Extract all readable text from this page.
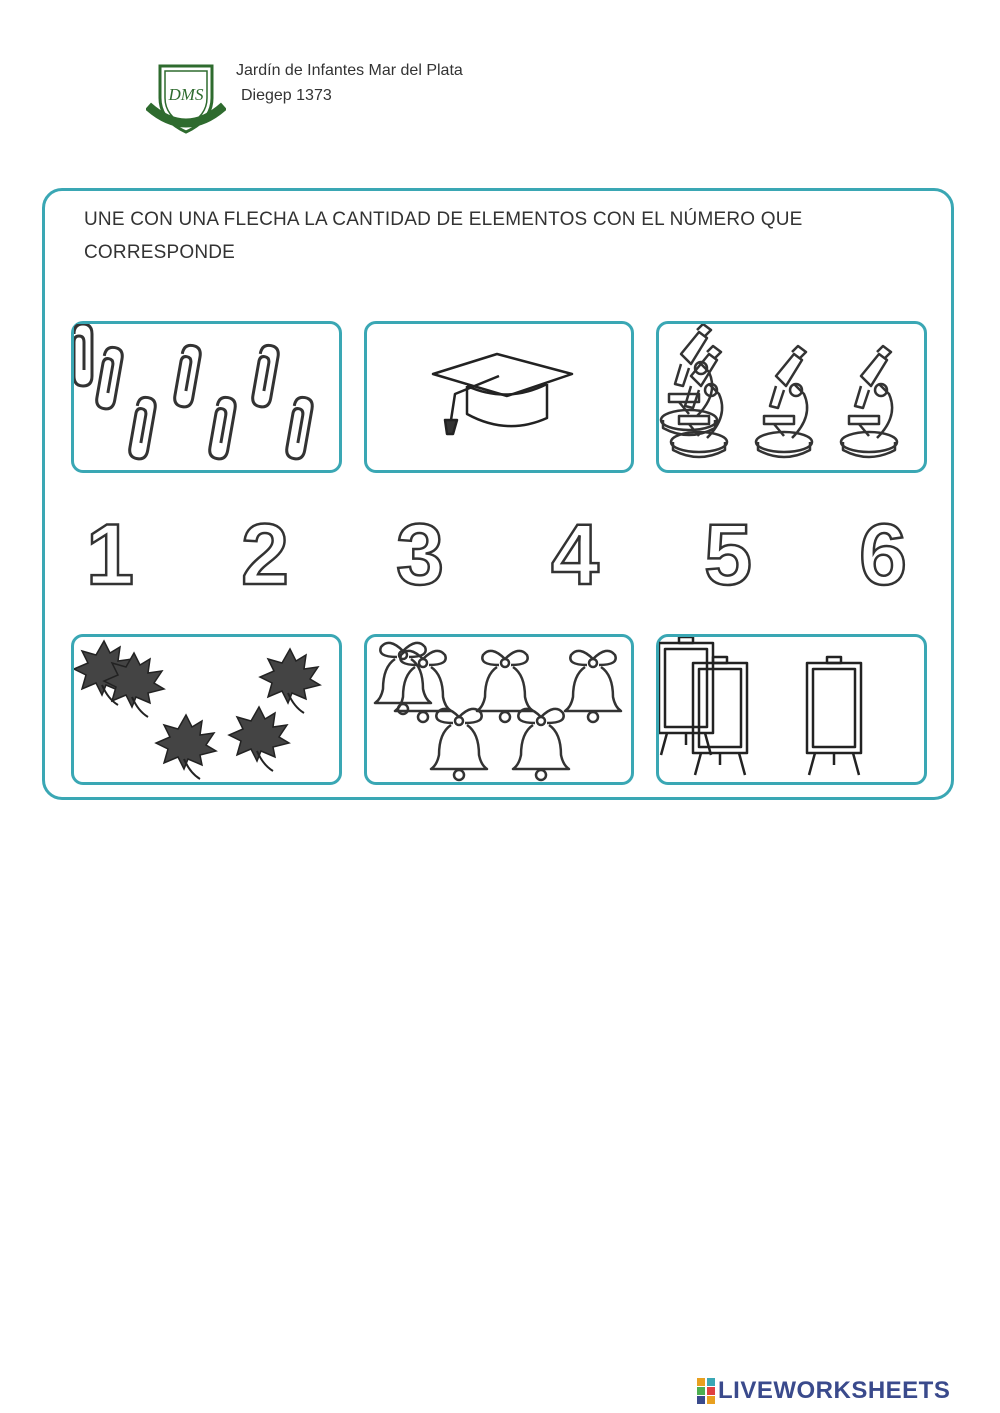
DMS
Jardín de Infantes Mar del Plata
Diegep 1373
UNE CON UNA FLECHA LA CANTIDAD DE ELEMENTOS CON EL NÚMERO QUE CORRESPONDE
1 2 3 4 5 6
LIVEWORKSHEETS
